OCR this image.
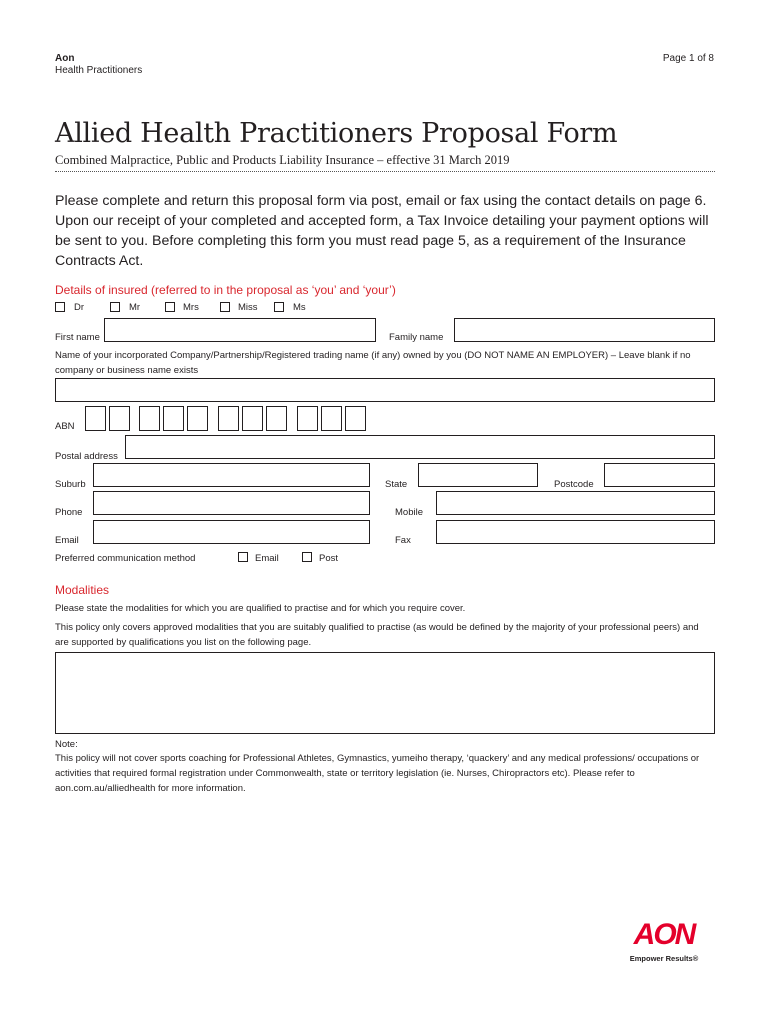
Aon
Health Practitioners
Page 1 of 8
Allied Health Practitioners Proposal Form
Combined Malpractice, Public and Products Liability Insurance – effective 31 March 2019
Please complete and return this proposal form via post, email or fax using the contact details on page 6. Upon our receipt of your completed and accepted form, a Tax Invoice detailing your payment options will be sent to you. Before completing this form you must read page 5, as a requirement of the Insurance Contracts Act.
Details of insured (referred to in the proposal as ‘you’ and ‘your’)
Dr	Mr	Mrs	Miss	Ms
First name	Family name
Name of your incorporated Company/Partnership/Registered trading name (if any) owned by you (DO NOT NAME AN EMPLOYER) – Leave blank if no company or business name exists
ABN
Postal address
Suburb	State	Postcode
Phone	Mobile
Email	Fax
Preferred communication method	Email	Post
Modalities
Please state the modalities for which you are qualified to practise and for which you require cover.
This policy only covers approved modalities that you are suitably qualified to practise (as would be defined by the majority of your professional peers) and are supported by qualifications you list on the following page.
Note:
This policy will not cover sports coaching for Professional Athletes, Gymnastics, yumeiho therapy, ‘quackery’ and any medical professions/ occupations or activities that required formal registration under Commonwealth, state or territory legislation (ie. Nurses, Chiropractors etc). Please refer to aon.com.au/alliedhealth for more information.
AON
Empower Results®
